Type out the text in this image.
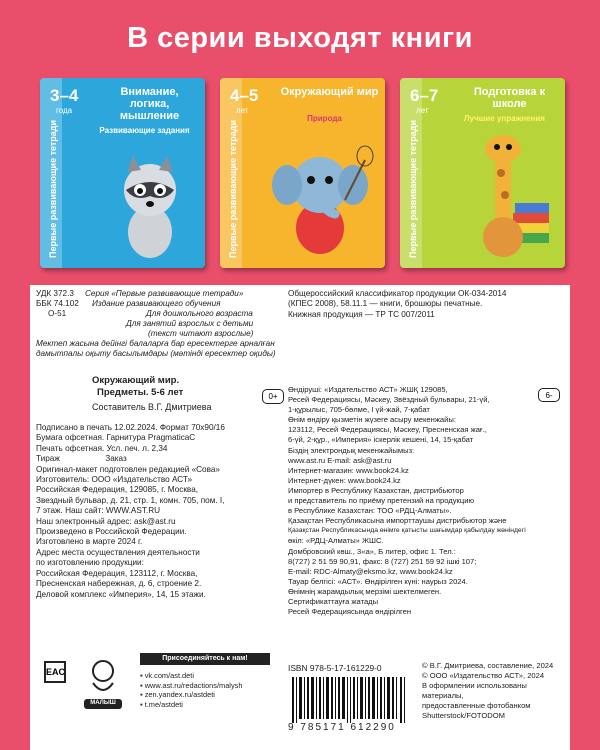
В серии выходят книги
3–4
года
Внимание, логика, мышление
Развивающие задания
Первые развивающие тетради
4–5
лет
Окружающий мир
Природа
Первые развивающие тетради
6–7
лет
Подготовка к школе
Лучшие упражнения
Первые развивающие тетради
УДК 372.3
ББК 74.102
О-51
Серия «Первые развивающие тетради»
Издание развивающего обучения
Для дошкольного возраста
Для занятий взрослых с детьми
(текст читают взрослые)
Мектеп жасына дейінгі балаларға бар ересектерге арналған
дамытпалы оқыту басылымдары (мәтінді ересектер оқиды)
Общероссийский классификатор продукции ОК-034-2014
(КПЕС 2008), 58.11.1 — книги, брошюры печатные.
Книжная продукция — ТР ТС 007/2011
Окружающий мир.
Предметы. 5-6 лет
Составитель В.Г. Дмитриева
0+	6-
Подписано в печать 12.02.2024. Формат 70х90/16
Бумага офсетная. Гарнитура PragmaticaC
Печать офсетная. Усл. печ. л. 2,34
Тираж                    Заказ
Оригинал-макет подготовлен редакцией «Сова»
Изготовитель: ООО «Издательство АСТ»
Российская Федерация, 129085, г. Москва,
Звездный бульвар, д. 21, стр. 1, комн. 705, пом. I,
7 этаж. Наш сайт: WWW.AST.RU
Наш электронный адрес: ask@ast.ru
Произведено в Российской Федерации.
Изготовлено в марте 2024 г.
Адрес места осуществления деятельности
по изготовлению продукции:
Российская Федерация, 123112, г. Москва,
Пресненская набережная, д. 6, строение 2.
Деловой комплекс «Империя», 14, 15 этажи.
Өндіруші: «Издательство АСТ» ЖШҚ 129085,
Ресей Федерациясы, Мәскеу, Звёздный бульвары, 21-үй,
1-құрылыс, 705-бөлме, I үй-жай, 7-қабат
Өнім өндіру қызметін жүзеге асыру мекенжайы:
123112, Ресей Федерациясы, Мәскеу, Пресненская жағ.,
6-үй, 2-құр., «Империя» іскерлік кешені, 14, 15-қабат
Біздің электрондық мекенжайымыз:
www.ast.ru E-mail: ask@ast.ru
Интернет-магазин: www.book24.kz
Интернет-дүкен: www.book24.kz
Импортер в Республику Казахстан, дистрибьютор
и представитель по приёму претензий на продукцию
в Республике Казахстан: ТОО «РДЦ-Алматы».
Қазақстан Республикасына импорттаушы дистрибьютор және
Қазақстан Республикасында өнімге қатысты шағымдар қабылдау жөніндегі
өкіл: «РДЦ-Алматы» ЖШС.
Домбровский көш., 3«а», Б литер, офис 1. Тел.:
8(727) 2 51 59 90,91, факс: 8 (727) 251 59 92 ішкі 107;
E-mail: RDC-Almaty@eksmo.kz, www.book24.kz
Тауар белгісі: «АСТ». Өндірілген күні: наурыз 2024.
Өнімнің жарамдылық мерзімі шектелмеген.
Сертификаттауға жатады
Ресей Федерациясында өндірілген
EAC
МАЛЫШ
Присоединяйтесь к нам!
▪ vk.com/ast.deti
▪ www.ast.ru/redactions/malysh
▪ zen.yandex.ru/astdeti
▪ t.me/astdeti
ISBN 978-5-17-161229-0
9 785171 612290
© В.Г. Дмитриева, составление, 2024
© ООО «Издательство АСТ», 2024
В оформлении использованы материалы,
предоставленные фотобанком
Shutterstock/FOTODOM
